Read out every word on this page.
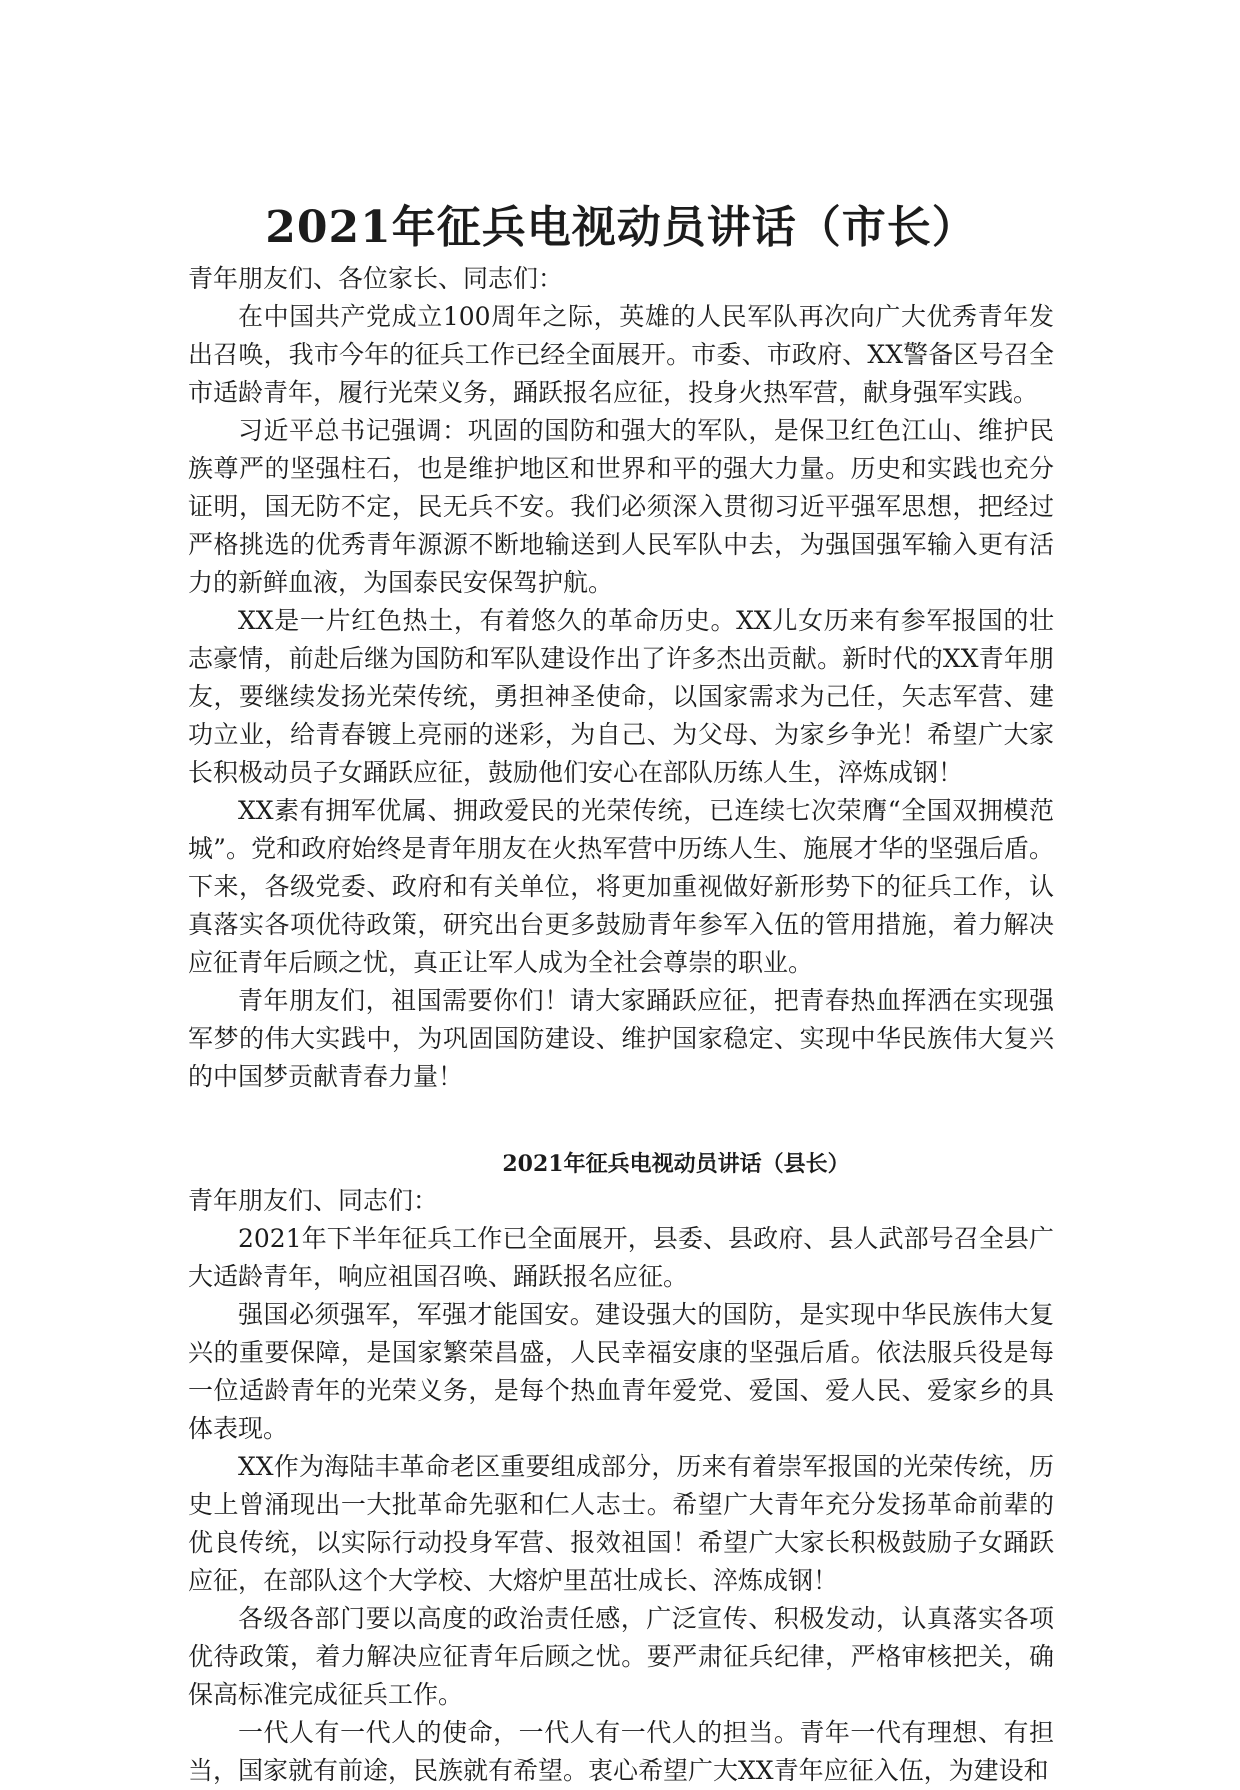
2021年征兵电视动员讲话（市长）

青年朋友们、各位家长、同志们：

在中国共产党成立100周年之际，英雄的人民军队再次向广大优秀青年发出召唤，我市今年的征兵工作已经全面展开。市委、市政府、XX警备区号召全市适龄青年，履行光荣义务，踊跃报名应征，投身火热军营，献身强军实践。

习近平总书记强调：巩固的国防和强大的军队，是保卫红色江山、维护民族尊严的坚强柱石，也是维护地区和世界和平的强大力量。历史和实践也充分证明，国无防不定，民无兵不安。我们必须深入贯彻习近平强军思想，把经过严格挑选的优秀青年源源不断地输送到人民军队中去，为强国强军输入更有活力的新鲜血液，为国泰民安保驾护航。

XX是一片红色热土，有着悠久的革命历史。XX儿女历来有参军报国的壮志豪情，前赴后继为国防和军队建设作出了许多杰出贡献。新时代的XX青年朋友，要继续发扬光荣传统，勇担神圣使命，以国家需求为己任，矢志军营、建功立业，给青春镀上亮丽的迷彩，为自己、为父母、为家乡争光！希望广大家长积极动员子女踊跃应征，鼓励他们安心在部队历练人生，淬炼成钢！

XX素有拥军优属、拥政爱民的光荣传统，已连续七次荣膺“全国双拥模范城”。党和政府始终是青年朋友在火热军营中历练人生、施展才华的坚强后盾。下来，各级党委、政府和有关单位，将更加重视做好新形势下的征兵工作，认真落实各项优待政策，研究出台更多鼓励青年参军入伍的管用措施，着力解决应征青年后顾之忧，真正让军人成为全社会尊崇的职业。

青年朋友们，祖国需要你们！请大家踊跃应征，把青春热血挥洒在实现强军梦的伟大实践中，为巩固国防建设、维护国家稳定、实现中华民族伟大复兴的中国梦贡献青春力量！

2021年征兵电视动员讲话（县长）

青年朋友们、同志们：

2021年下半年征兵工作已全面展开，县委、县政府、县人武部号召全县广大适龄青年，响应祖国召唤、踊跃报名应征。

强国必须强军，军强才能国安。建设强大的国防，是实现中华民族伟大复兴的重要保障，是国家繁荣昌盛，人民幸福安康的坚强后盾。依法服兵役是每一位适龄青年的光荣义务，是每个热血青年爱党、爱国、爱人民、爱家乡的具体表现。

XX作为海陆丰革命老区重要组成部分，历来有着崇军报国的光荣传统，历史上曾涌现出一大批革命先驱和仁人志士。希望广大青年充分发扬革命前辈的优良传统，以实际行动投身军营、报效祖国！希望广大家长积极鼓励子女踊跃应征，在部队这个大学校、大熔炉里茁壮成长、淬炼成钢！

各级各部门要以高度的政治责任感，广泛宣传、积极发动，认真落实各项优待政策，着力解决应征青年后顾之忧。要严肃征兵纪律，严格审核把关，确保高标准完成征兵工作。

一代人有一代人的使命，一代人有一代人的担当。青年一代有理想、有担当，国家就有前途，民族就有希望。衷心希望广大XX青年应征入伍，为建设和
